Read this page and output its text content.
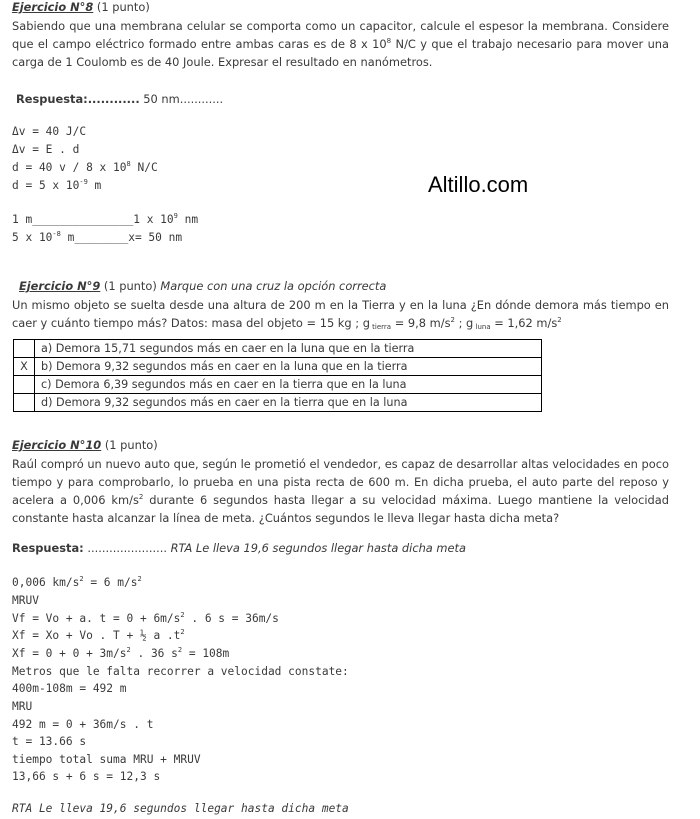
Ejercicio N°8 (1 punto)
Sabiendo que una membrana celular se comporta como un capacitor, calcule el espesor la membrana. Considere que el campo eléctrico formado entre ambas caras es de 8 x $10^8$ N/C y que el trabajo necesario para mover una carga de 1 Coulomb es de 40 Joule. Expresar el resultado en nanómetros.
Respuesta:............ 50 nm............
Δv = 40 J/C
Δv = E . d
d = 40 v / 8 x $10^8$ N/C
d = 5 x $10^{-9}$ m
1 m_______________1 x $10^9$ nm
5 x $10^{-8}$ m________x= 50 nm
Altillo.com
Ejercicio N°9 (1 punto) Marque con una cruz la opción correcta
Un mismo objeto se suelta desde una altura de 200 m en la Tierra y en la luna ¿En dónde demora más tiempo en caer y cuánto tiempo más? Datos: masa del objeto = 15 kg ; g $_{tierra}$ = 9,8 $m/s^2$ ; g $_{luna}$ = 1,62 $m/s^2$
	a) Demora 15,71 segundos más en caer en la luna que en la tierra
X	b) Demora 9,32 segundos más en caer en la luna que en la tierra
	c) Demora 6,39 segundos más en caer en la tierra que en la luna
	d) Demora 9,32 segundos más en caer en la tierra que en la luna
Ejercicio N°10 (1 punto)
Raúl compró un nuevo auto que, según le prometió el vendedor, es capaz de desarrollar altas velocidades en poco tiempo y para comprobarlo, lo prueba en una pista recta de 600 m. En dicha prueba, el auto parte del reposo y acelera a 0,006 $km/s^2$ durante 6 segundos hasta llegar a su velocidad máxima. Luego mantiene la velocidad constante hasta alcanzar la línea de meta. ¿Cuántos segundos le lleva llegar hasta dicha meta?
Respuesta: ...................... RTA Le lleva 19,6 segundos llegar hasta dicha meta
0,006 $km/s^2 = 6$ $m/s^2$
MRUV
Vf = Vo + a. $t = 0 + 6m/s^2$ . 6 s = 36m/s
Xf = Xo + Vo . T + ½ a $.t^2$
$Xf = 0 + 0 + 3m/s^2$ . 36 $s^2 = 108m$
Metros que le falta recorrer a velocidad constate:
400m-108m = 492 m
MRU
492 m = 0 + 36m/s . t
t = 13.66 s
tiempo total suma MRU + MRUV
13,66 s + 6 s = 12,3 s
RTA Le lleva 19,6 segundos llegar hasta dicha meta
